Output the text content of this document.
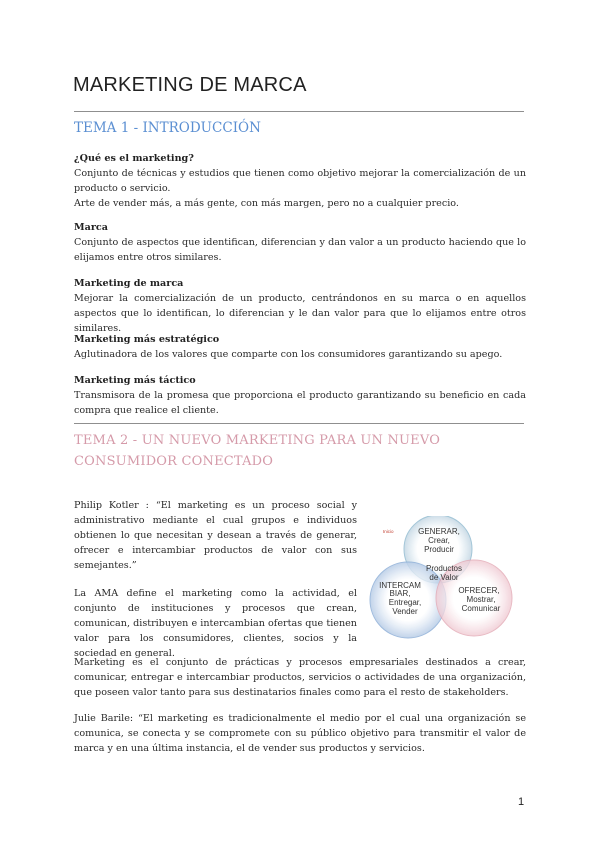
MARKETING DE MARCA
TEMA 1 - INTRODUCCIÓN

¿Qué es el marketing?

Conjunto de técnicas y estudios que tienen como objetivo mejorar la comercialización de un producto o servicio.

Arte de vender más, a más gente, con más margen, pero no a cualquier precio.

Marca

Conjunto de aspectos que identifican, diferencian y dan valor a un producto haciendo que lo elijamos entre otros similares.

Marketing de marca

Mejorar la comercialización de un producto, centrándonos en su marca o en aquellos aspectos que lo identifican, lo diferencian y le dan valor para que lo elijamos entre otros similares.

Marketing más estratégico

Aglutinadora de los valores que comparte con los consumidores garantizando su apego.

Marketing más táctico

Transmisora de la promesa que proporciona el producto garantizando su beneficio en cada compra que realice el cliente.

TEMA 2 - UN NUEVO MARKETING PARA UN NUEVO CONSUMIDOR CONECTADO
Philip Kotler : “El marketing es un proceso social y administrativo mediante el cual grupos e individuos obtienen lo que necesitan y desean a través de generar, ofrecer e intercambiar productos de valor con sus semejantes.”
La AMA define el marketing como la actividad, el conjunto de instituciones y procesos que crean, comunican, distribuyen e intercambian ofertas que tienen valor para los consumidores, clientes, socios y la sociedad en general.
Marketing es el conjunto de prácticas y procesos empresariales destinados a crear, comunicar, entregar e intercambiar productos, servicios o actividades de una organización, que poseen valor tanto para sus destinatarios finales como para el resto de stakeholders.
Julie Barile: “El marketing es tradicionalmente el medio por el cual una organización se comunica, se conecta y se compromete con su público objetivo para transmitir el valor de marca y en una última instancia, el de vender sus productos y servicios.
Inicio	GENERAR,
Crear,
Producir
Productos
de Valor
INTERCAM
BIAR,
Entregar,
Vender
OFRECER,
Mostrar,
Comunicar
1
